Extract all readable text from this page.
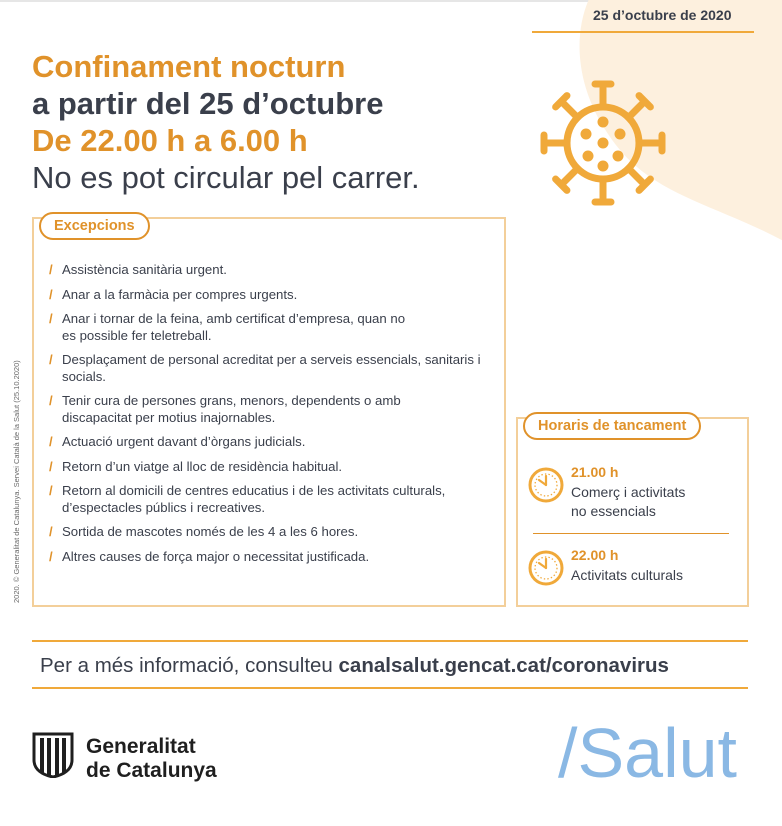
25 d’octubre de 2020
Confinament nocturn
a partir del 25 d’octubre
De 22.00 h a 6.00 h
No es pot circular pel carrer.
2020. © Generalitat de Catalunya. Servei Català de la Salut (25.10.2020)
Excepcions
/ Assistència sanitària urgent.
/ Anar a la farmàcia per compres urgents.
/ Anar i tornar de la feina, amb certificat d’empresa, quan no es possible fer teletreball.
/ Desplaçament de personal acreditat per a serveis essencials, sanitaris i socials.
/ Tenir cura de persones grans, menors, dependents o amb discapacitat per motius inajornables.
/ Actuació urgent davant d’òrgans judicials.
/ Retorn d’un viatge al lloc de residència habitual.
/ Retorn al domicili de centres educatius i de les activitats culturals, d’espectacles públics i recreatives.
/ Sortida de mascotes només de les 4 a les 6 hores.
/ Altres causes de força major o necessitat justificada.
Horaris de tancament
21.00 h
Comerç i activitats
no essencials
22.00 h
Activitats culturals
Per a més informació, consulteu canalsalut.gencat.cat/coronavirus
Generalitat
de Catalunya	/Salut
